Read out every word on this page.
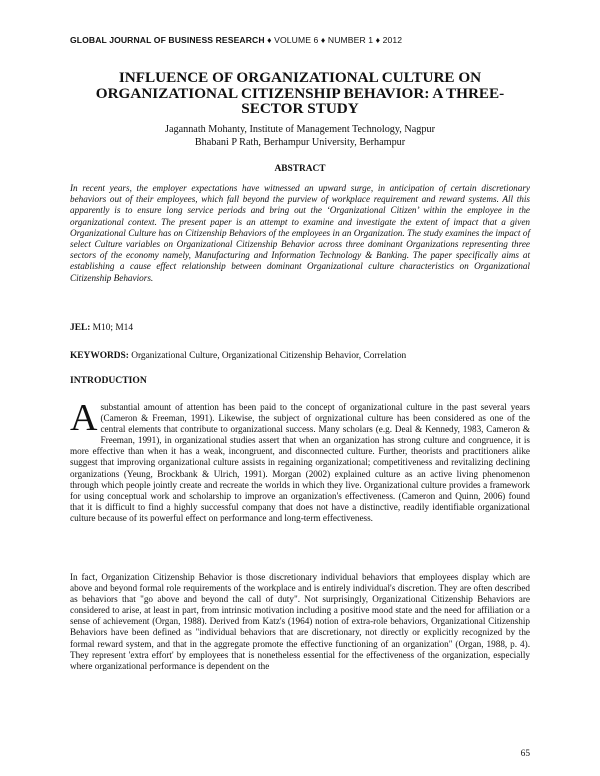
GLOBAL JOURNAL OF BUSINESS RESEARCH ♦ VOLUME 6 ♦ NUMBER 1 ♦ 2012
INFLUENCE OF ORGANIZATIONAL CULTURE ON ORGANIZATIONAL CITIZENSHIP BEHAVIOR: A THREE-SECTOR STUDY
Jagannath Mohanty, Institute of Management Technology, Nagpur
Bhabani P Rath, Berhampur University, Berhampur
ABSTRACT

In recent years, the employer expectations have witnessed an upward surge, in anticipation of certain discretionary behaviors out of their employees, which fall beyond the purview of workplace requirement and reward systems. All this apparently is to ensure long service periods and bring out the ‘Organizational Citizen’ within the employee in the organizational context. The present paper is an attempt to examine and investigate the extent of impact that a given Organizational Culture has on Citizenship Behaviors of the employees in an Organization. The study examines the impact of select Culture variables on Organizational Citizenship Behavior across three dominant Organizations representing three sectors of the economy namely, Manufacturing and Information Technology & Banking. The paper specifically aims at establishing a cause effect relationship between dominant Organizational culture characteristics on Organizational Citizenship Behaviors.

JEL: M10; M14
KEYWORDS: Organizational Culture, Organizational Citizenship Behavior, Correlation
INTRODUCTION

Asubstantial amount of attention has been paid to the concept of organizational culture in the past several years (Cameron & Freeman, 1991). Likewise, the subject of orgnizational culture has been considered as one of the central elements that contribute to organizational success. Many scholars (e.g. Deal & Kennedy, 1983, Cameron & Freeman, 1991), in organizational studies assert that when an organization has strong culture and congruence, it is more effective than when it has a weak, incongruent, and disconnected culture. Further, theorists and practitioners alike suggest that improving organizational culture assists in regaining organizational; competitiveness and revitalizing declining organizations (Yeung, Brockbank & Ulrich, 1991). Morgan (2002) explained culture as an active living phenomenon through which people jointly create and recreate the worlds in which they live. Organizational culture provides a framework for using conceptual work and scholarship to improve an organization's effectiveness. (Cameron and Quinn, 2006) found that it is difficult to find a highly successful company that does not have a distinctive, readily identifiable organizational culture because of its powerful effect on performance and long-term effectiveness.

In fact, Organization Citizenship Behavior is those discretionary individual behaviors that employees display which are above and beyond formal role requirements of the workplace and is entirely individual's discretion. They are often described as behaviors that "go above and beyond the call of duty". Not surprisingly, Organizational Citizenship Behaviors are considered to arise, at least in part, from intrinsic motivation including a positive mood state and the need for affiliation or a sense of achievement (Organ, 1988). Derived from Katz's (1964) notion of extra-role behaviors, Organizational Citizenship Behaviors have been defined as "individual behaviors that are discretionary, not directly or explicitly recognized by the formal reward system, and that in the aggregate promote the effective functioning of an organization" (Organ, 1988, p. 4). They represent 'extra effort' by employees that is nonetheless essential for the effectiveness of the organization, especially where organizational performance is dependent on the

65
